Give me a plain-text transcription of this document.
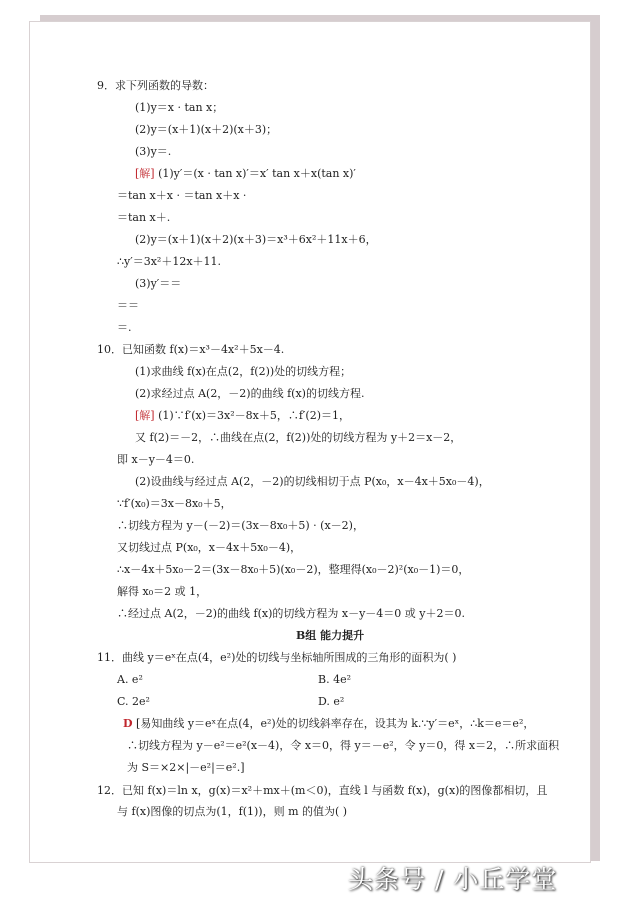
9．求下列函数的导数：
(1)y＝x · tan x；
(2)y＝(x＋1)(x＋2)(x＋3)；
(3)y＝.
[解] (1)y′＝(x · tan x)′＝x′ tan x＋x(tan x)′
＝tan x＋x · ＝tan x＋x ·
＝tan x＋.
(2)y＝(x＋1)(x＋2)(x＋3)＝x³＋6x²＋11x＋6，
∴y′＝3x²＋12x＋11.
(3)y′＝＝
＝＝
＝.
10．已知函数 f(x)＝x³－4x²＋5x－4.
(1)求曲线 f(x)在点(2，f(2))处的切线方程；
(2)求经过点 A(2，－2)的曲线 f(x)的切线方程.
[解] (1)∵f′(x)＝3x²－8x＋5，∴f′(2)＝1，
又 f(2)＝－2，∴曲线在点(2，f(2))处的切线方程为 y＋2＝x－2，
即 x－y－4＝0.
(2)设曲线与经过点 A(2，－2)的切线相切于点 P(x₀，x－4x＋5x₀－4)，
∵f′(x₀)＝3x－8x₀＋5，
∴切线方程为 y－(－2)＝(3x－8x₀＋5) · (x－2)，
又切线过点 P(x₀，x－4x＋5x₀－4)，
∴x－4x＋5x₀－2＝(3x－8x₀＋5)(x₀－2)，整理得(x₀－2)²(x₀－1)＝0，
解得 x₀＝2 或 1，
∴经过点 A(2，－2)的曲线 f(x)的切线方程为 x－y－4＝0 或 y＋2＝0.
B组 能力提升
11．曲线 y＝eˣ在点(4，e²)处的切线与坐标轴所围成的三角形的面积为( )
A. e²	B. 4e²
C. 2e²	D. e²
D [易知曲线 y＝eˣ在点(4，e²)处的切线斜率存在，设其为 k.∵y′＝eˣ，∴k＝e＝e²，
∴切线方程为 y－e²＝e²(x－4)，令 x＝0，得 y＝－e²，令 y＝0，得 x＝2，∴所求面积
为 S＝×2×|－e²|＝e².]
12．已知 f(x)＝ln x，g(x)＝x²＋mx＋(m＜0)，直线 l 与函数 f(x)，g(x)的图像都相切，且
与 f(x)图像的切点为(1，f(1))，则 m 的值为( )
头条号 / 小丘学堂
